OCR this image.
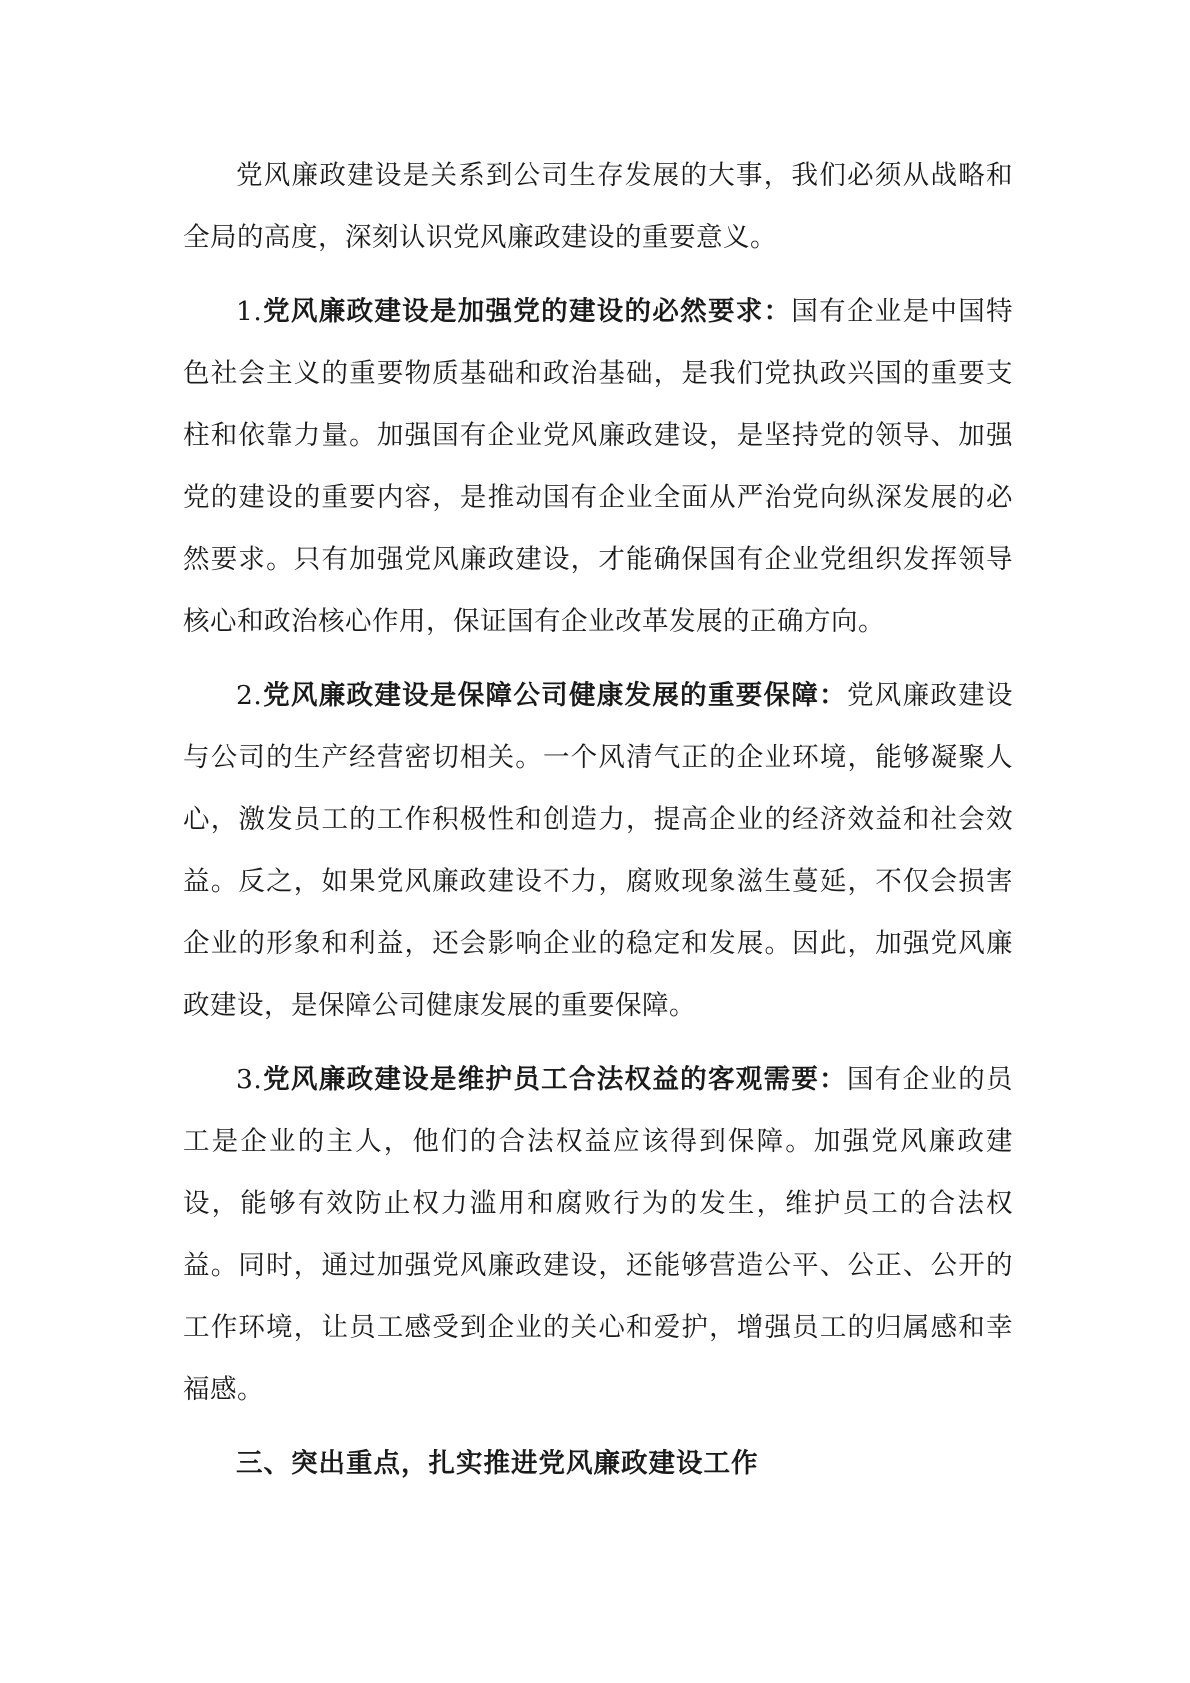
党风廉政建设是关系到公司生存发展的大事，我们必须从战略和全局的高度，深刻认识党风廉政建设的重要意义。

1.党风廉政建设是加强党的建设的必然要求：国有企业是中国特色社会主义的重要物质基础和政治基础，是我们党执政兴国的重要支柱和依靠力量。加强国有企业党风廉政建设，是坚持党的领导、加强党的建设的重要内容，是推动国有企业全面从严治党向纵深发展的必然要求。只有加强党风廉政建设，才能确保国有企业党组织发挥领导核心和政治核心作用，保证国有企业改革发展的正确方向。

2.党风廉政建设是保障公司健康发展的重要保障：党风廉政建设与公司的生产经营密切相关。一个风清气正的企业环境，能够凝聚人心，激发员工的工作积极性和创造力，提高企业的经济效益和社会效益。反之，如果党风廉政建设不力，腐败现象滋生蔓延，不仅会损害企业的形象和利益，还会影响企业的稳定和发展。因此，加强党风廉政建设，是保障公司健康发展的重要保障。

3.党风廉政建设是维护员工合法权益的客观需要：国有企业的员工是企业的主人，他们的合法权益应该得到保障。加强党风廉政建设，能够有效防止权力滥用和腐败行为的发生，维护员工的合法权益。同时，通过加强党风廉政建设，还能够营造公平、公正、公开的工作环境，让员工感受到企业的关心和爱护，增强员工的归属感和幸福感。

三、突出重点，扎实推进党风廉政建设工作
